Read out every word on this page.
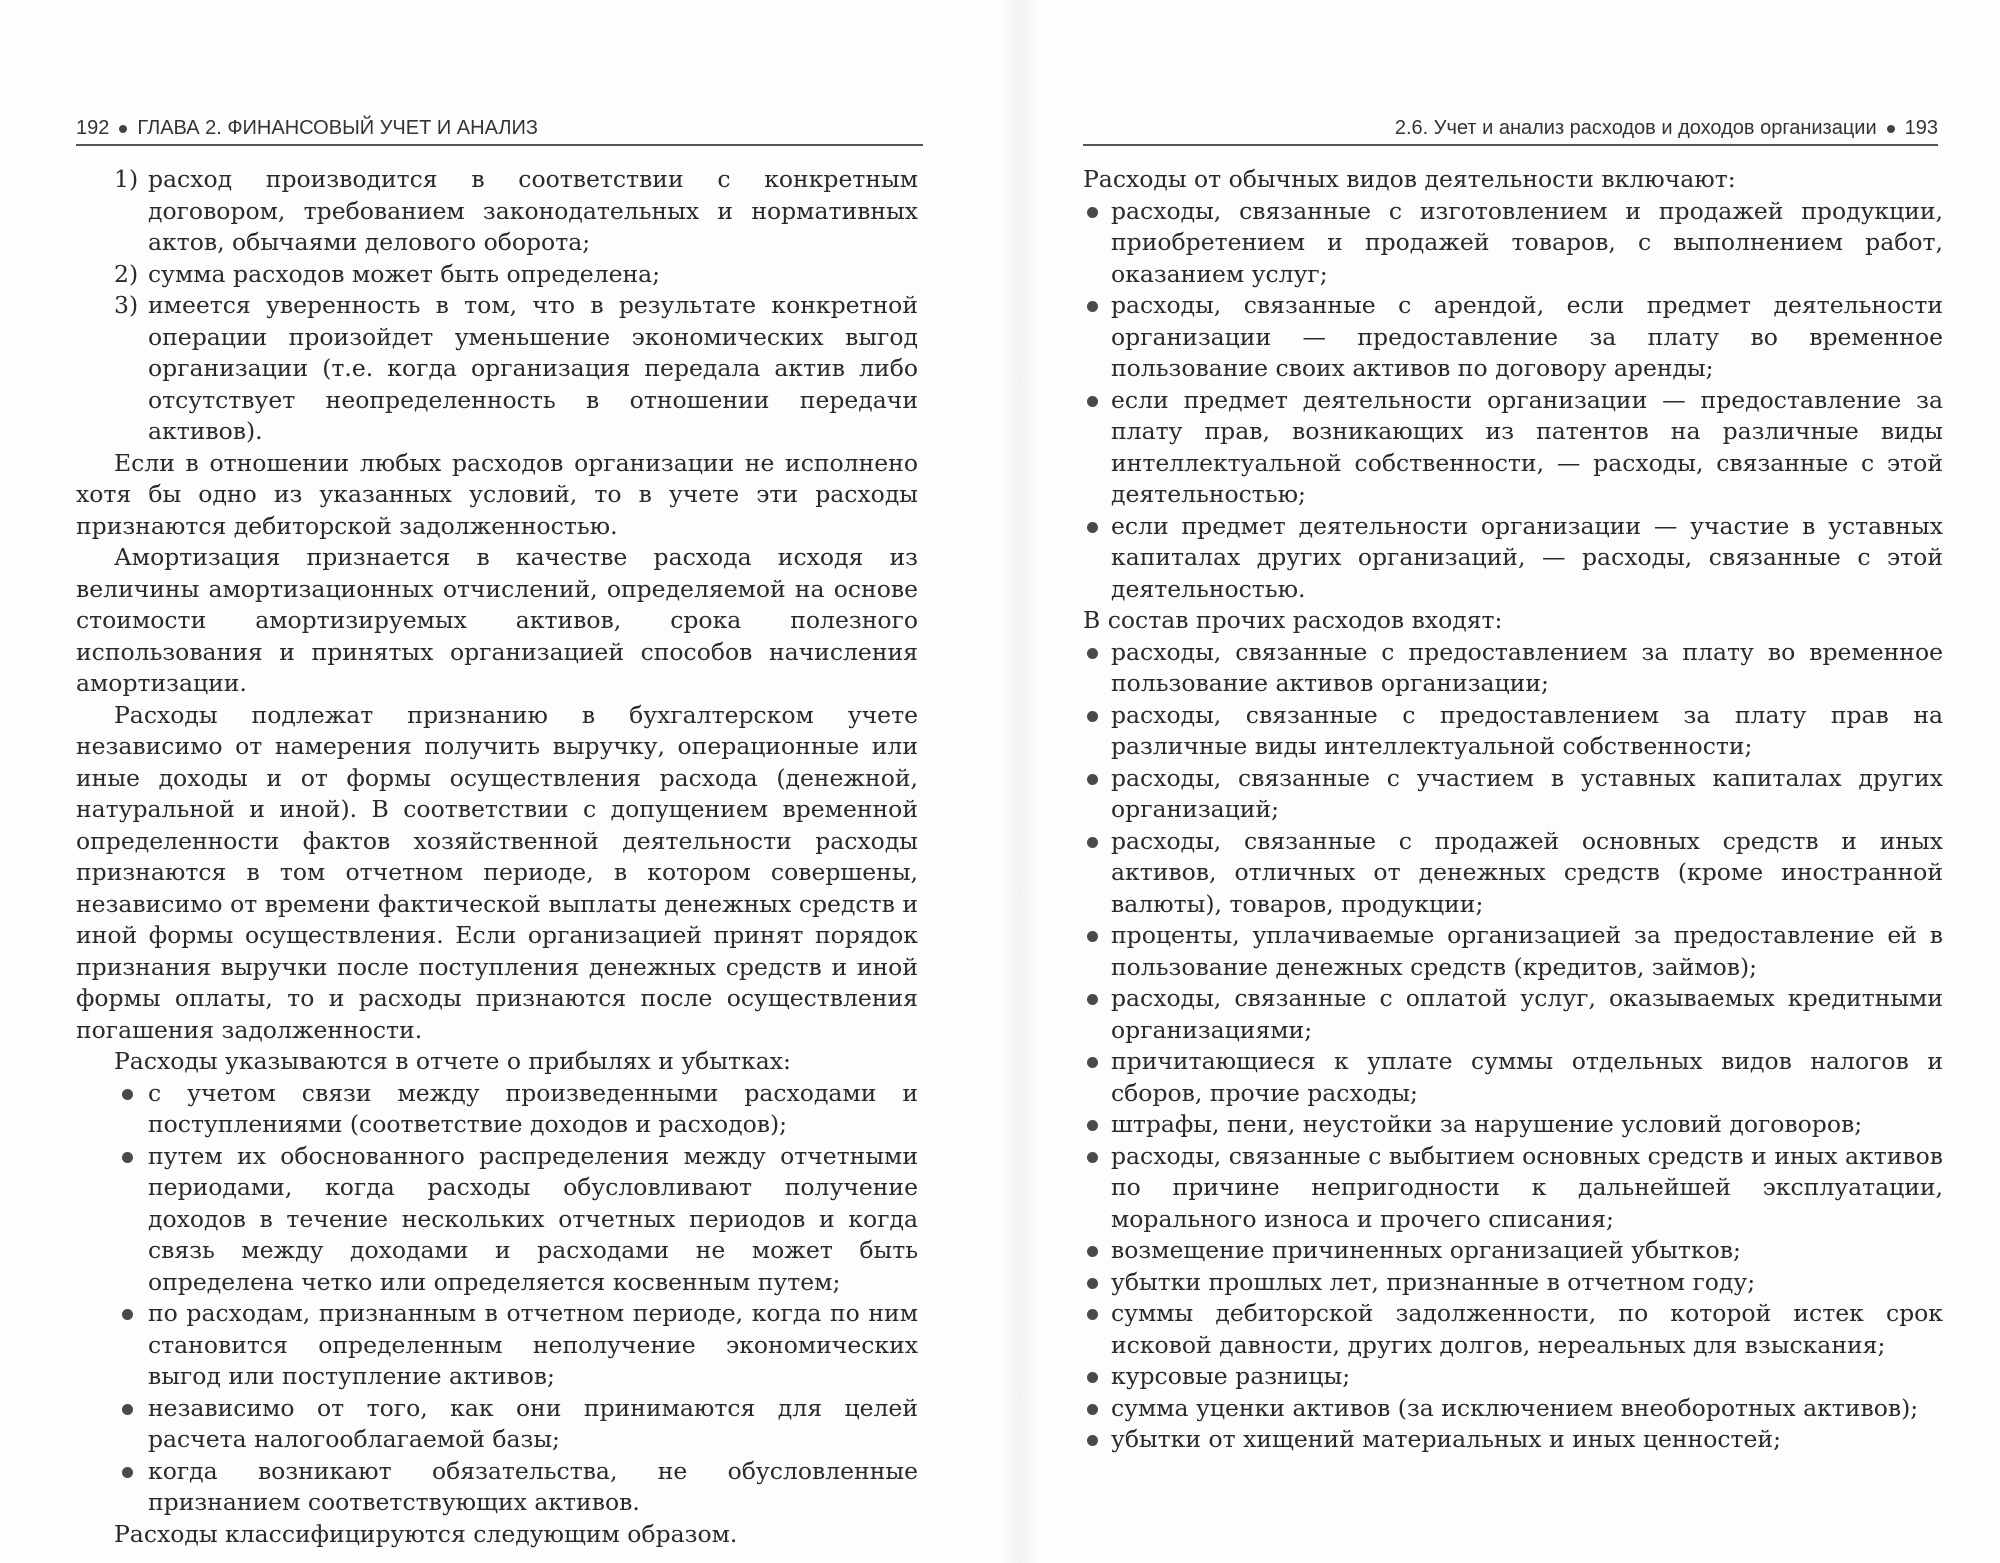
192 ГЛАВА 2. ФИНАНСОВЫЙ УЧЕТ И АНАЛИЗ
1) расход производится в соответствии с конкретным договором, требованием законодательных и нормативных актов, обычаями делового оборота;
2) сумма расходов может быть определена;
3) имеется уверенность в том, что в результате конкретной операции произойдет уменьшение экономических выгод организации (т.е. когда организация передала актив либо отсутствует неопределенность в отношении передачи активов).

Если в отношении любых расходов организации не исполнено хотя бы одно из указанных условий, то в учете эти расходы признаются дебиторской задолженностью.

Амортизация признается в качестве расхода исходя из величины амортизационных отчислений, определяемой на основе стоимости амортизируемых активов, срока полезного использования и принятых организацией способов начисления амортизации.

Расходы подлежат признанию в бухгалтерском учете независимо от намерения получить выручку, операционные или иные доходы и от формы осуществления расхода (денежной, натуральной и иной). В соответствии с допущением временной определенности фактов хозяйственной деятельности расходы признаются в том отчетном периоде, в котором совершены, независимо от времени фактической выплаты денежных средств и иной формы осуществления. Если организацией принят порядок признания выручки после поступления денежных средств и иной формы оплаты, то и расходы признаются после осуществления погашения задолженности.

Расходы указываются в отчете о прибылях и убытках:

с учетом связи между произведенными расходами и поступлениями (соответствие доходов и расходов);
путем их обоснованного распределения между отчетными периодами, когда расходы обусловливают получение доходов в течение нескольких отчетных периодов и когда связь между доходами и расходами не может быть определена четко или определяется косвенным путем;
по расходам, признанным в отчетном периоде, когда по ним становится определенным неполучение экономических выгод или поступление активов;
независимо от того, как они принимаются для целей расчета налогооблагаемой базы;
когда возникают обязательства, не обусловленные признанием соответствующих активов.

Расходы классифицируются следующим образом.

2.6. Учет и анализ расходов и доходов организации 193

Расходы от обычных видов деятельности включают:

расходы, связанные с изготовлением и продажей продукции, приобретением и продажей товаров, с выполнением работ, оказанием услуг;
расходы, связанные с арендой, если предмет деятельности организации — предоставление за плату во временное пользование своих активов по договору аренды;
если предмет деятельности организации — предоставление за плату прав, возникающих из патентов на различные виды интеллектуальной собственности, — расходы, связанные с этой деятельностью;
если предмет деятельности организации — участие в уставных капиталах других организаций, — расходы, связанные с этой деятельностью.

В состав прочих расходов входят:

расходы, связанные с предоставлением за плату во временное пользование активов организации;
расходы, связанные с предоставлением за плату прав на различные виды интеллектуальной собственности;
расходы, связанные с участием в уставных капиталах других организаций;
расходы, связанные с продажей основных средств и иных активов, отличных от денежных средств (кроме иностранной валюты), товаров, продукции;
проценты, уплачиваемые организацией за предоставление ей в пользование денежных средств (кредитов, займов);
расходы, связанные с оплатой услуг, оказываемых кредитными организациями;
причитающиеся к уплате суммы отдельных видов налогов и сборов, прочие расходы;
штрафы, пени, неустойки за нарушение условий договоров;
расходы, связанные с выбытием основных средств и иных активов по причине непригодности к дальнейшей эксплуатации, морального износа и прочего списания;
возмещение причиненных организацией убытков;
убытки прошлых лет, признанные в отчетном году;
суммы дебиторской задолженности, по которой истек срок исковой давности, других долгов, нереальных для взыскания;
курсовые разницы;
сумма уценки активов (за исключением внеоборотных активов);
убытки от хищений материальных и иных ценностей;
